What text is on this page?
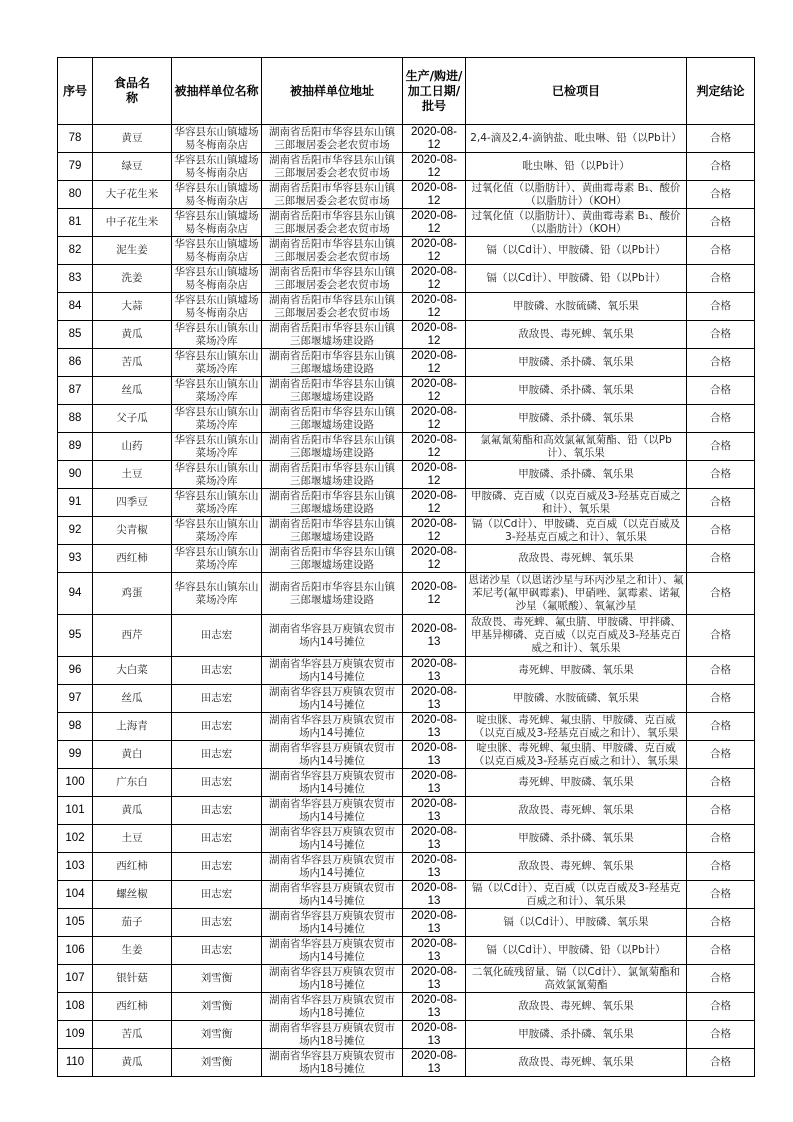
序号	食品名称	被抽样单位名称	被抽样单位地址	生产/购进/加工日期/批号	已检项目	判定结论
78	黄豆	华容县东山镇墟场易冬梅南杂店	湖南省岳阳市华容县东山镇三郎堰居委会老农贸市场	2020-08-12	2,4-滴及2,4-滴钠盐、吡虫啉、铅（以Pb计）	合格
79	绿豆	华容县东山镇墟场易冬梅南杂店	湖南省岳阳市华容县东山镇三郎堰居委会老农贸市场	2020-08-12	吡虫啉、铅（以Pb计）	合格
80	大子花生米	华容县东山镇墟场易冬梅南杂店	湖南省岳阳市华容县东山镇三郎堰居委会老农贸市场	2020-08-12	过氧化值（以脂肪计）、黄曲霉毒素 B₁、酸价（以脂肪计）（KOH）	合格
81	中子花生米	华容县东山镇墟场易冬梅南杂店	湖南省岳阳市华容县东山镇三郎堰居委会老农贸市场	2020-08-12	过氧化值（以脂肪计）、黄曲霉毒素 B₁、酸价（以脂肪计）（KOH）	合格
82	泥生姜	华容县东山镇墟场易冬梅南杂店	湖南省岳阳市华容县东山镇三郎堰居委会老农贸市场	2020-08-12	镉（以Cd计）、甲胺磷、铅（以Pb计）	合格
83	洗姜	华容县东山镇墟场易冬梅南杂店	湖南省岳阳市华容县东山镇三郎堰居委会老农贸市场	2020-08-12	镉（以Cd计）、甲胺磷、铅（以Pb计）	合格
84	大蒜	华容县东山镇墟场易冬梅南杂店	湖南省岳阳市华容县东山镇三郎堰居委会老农贸市场	2020-08-12	甲胺磷、水胺硫磷、氧乐果	合格
85	黄瓜	华容县东山镇东山菜场冷库	湖南省岳阳市华容县东山镇三郎堰墟场建设路	2020-08-12	敌敌畏、毒死蜱、氧乐果	合格
86	苦瓜	华容县东山镇东山菜场冷库	湖南省岳阳市华容县东山镇三郎堰墟场建设路	2020-08-12	甲胺磷、杀扑磷、氧乐果	合格
87	丝瓜	华容县东山镇东山菜场冷库	湖南省岳阳市华容县东山镇三郎堰墟场建设路	2020-08-12	甲胺磷、杀扑磷、氧乐果	合格
88	父子瓜	华容县东山镇东山菜场冷库	湖南省岳阳市华容县东山镇三郎堰墟场建设路	2020-08-12	甲胺磷、杀扑磷、氧乐果	合格
89	山药	华容县东山镇东山菜场冷库	湖南省岳阳市华容县东山镇三郎堰墟场建设路	2020-08-12	氯氟氰菊酯和高效氯氟氰菊酯、铅（以Pb计）、氧乐果	合格
90	土豆	华容县东山镇东山菜场冷库	湖南省岳阳市华容县东山镇三郎堰墟场建设路	2020-08-12	甲胺磷、杀扑磷、氧乐果	合格
91	四季豆	华容县东山镇东山菜场冷库	湖南省岳阳市华容县东山镇三郎堰墟场建设路	2020-08-12	甲胺磷、克百威（以克百威及3-羟基克百威之和计）、氧乐果	合格
92	尖青椒	华容县东山镇东山菜场冷库	湖南省岳阳市华容县东山镇三郎堰墟场建设路	2020-08-12	镉（以Cd计）、甲胺磷、克百威（以克百威及3-羟基克百威之和计）、氧乐果	合格
93	西红柿	华容县东山镇东山菜场冷库	湖南省岳阳市华容县东山镇三郎堰墟场建设路	2020-08-12	敌敌畏、毒死蜱、氧乐果	合格
94	鸡蛋	华容县东山镇东山菜场冷库	湖南省岳阳市华容县东山镇三郎堰墟场建设路	2020-08-12	恩诺沙星（以恩诺沙星与环丙沙星之和计）、氟苯尼考(氟甲砜霉素)、甲硝唑、氯霉素、诺氟沙星（氟哌酸）、氧氟沙星	合格
95	西芹	田志宏	湖南省华容县万庾镇农贸市场内14号摊位	2020-08-13	敌敌畏、毒死蜱、氟虫腈、甲胺磷、甲拌磷、甲基异柳磷、克百威（以克百威及3-羟基克百威之和计）、氧乐果	合格
96	大白菜	田志宏	湖南省华容县万庾镇农贸市场内14号摊位	2020-08-13	毒死蜱、甲胺磷、氧乐果	合格
97	丝瓜	田志宏	湖南省华容县万庾镇农贸市场内14号摊位	2020-08-13	甲胺磷、水胺硫磷、氧乐果	合格
98	上海青	田志宏	湖南省华容县万庾镇农贸市场内14号摊位	2020-08-13	啶虫脒、毒死蜱、氟虫腈、甲胺磷、克百威（以克百威及3-羟基克百威之和计）、氧乐果	合格
99	黄白	田志宏	湖南省华容县万庾镇农贸市场内14号摊位	2020-08-13	啶虫脒、毒死蜱、氟虫腈、甲胺磷、克百威（以克百威及3-羟基克百威之和计）、氧乐果	合格
100	广东白	田志宏	湖南省华容县万庾镇农贸市场内14号摊位	2020-08-13	毒死蜱、甲胺磷、氧乐果	合格
101	黄瓜	田志宏	湖南省华容县万庾镇农贸市场内14号摊位	2020-08-13	敌敌畏、毒死蜱、氧乐果	合格
102	土豆	田志宏	湖南省华容县万庾镇农贸市场内14号摊位	2020-08-13	甲胺磷、杀扑磷、氧乐果	合格
103	西红柿	田志宏	湖南省华容县万庾镇农贸市场内14号摊位	2020-08-13	敌敌畏、毒死蜱、氧乐果	合格
104	螺丝椒	田志宏	湖南省华容县万庾镇农贸市场内14号摊位	2020-08-13	镉（以Cd计）、克百威（以克百威及3-羟基克百威之和计）、氧乐果	合格
105	茄子	田志宏	湖南省华容县万庾镇农贸市场内14号摊位	2020-08-13	镉（以Cd计）、甲胺磷、氧乐果	合格
106	生姜	田志宏	湖南省华容县万庾镇农贸市场内14号摊位	2020-08-13	镉（以Cd计）、甲胺磷、铅（以Pb计）	合格
107	银针菇	刘雪衡	湖南省华容县万庾镇农贸市场内18号摊位	2020-08-13	二氧化硫残留量、镉（以Cd计）、氯氰菊酯和高效氯氰菊酯	合格
108	西红柿	刘雪衡	湖南省华容县万庾镇农贸市场内18号摊位	2020-08-13	敌敌畏、毒死蜱、氧乐果	合格
109	苦瓜	刘雪衡	湖南省华容县万庾镇农贸市场内18号摊位	2020-08-13	甲胺磷、杀扑磷、氧乐果	合格
110	黄瓜	刘雪衡	湖南省华容县万庾镇农贸市场内18号摊位	2020-08-13	敌敌畏、毒死蜱、氧乐果	合格
